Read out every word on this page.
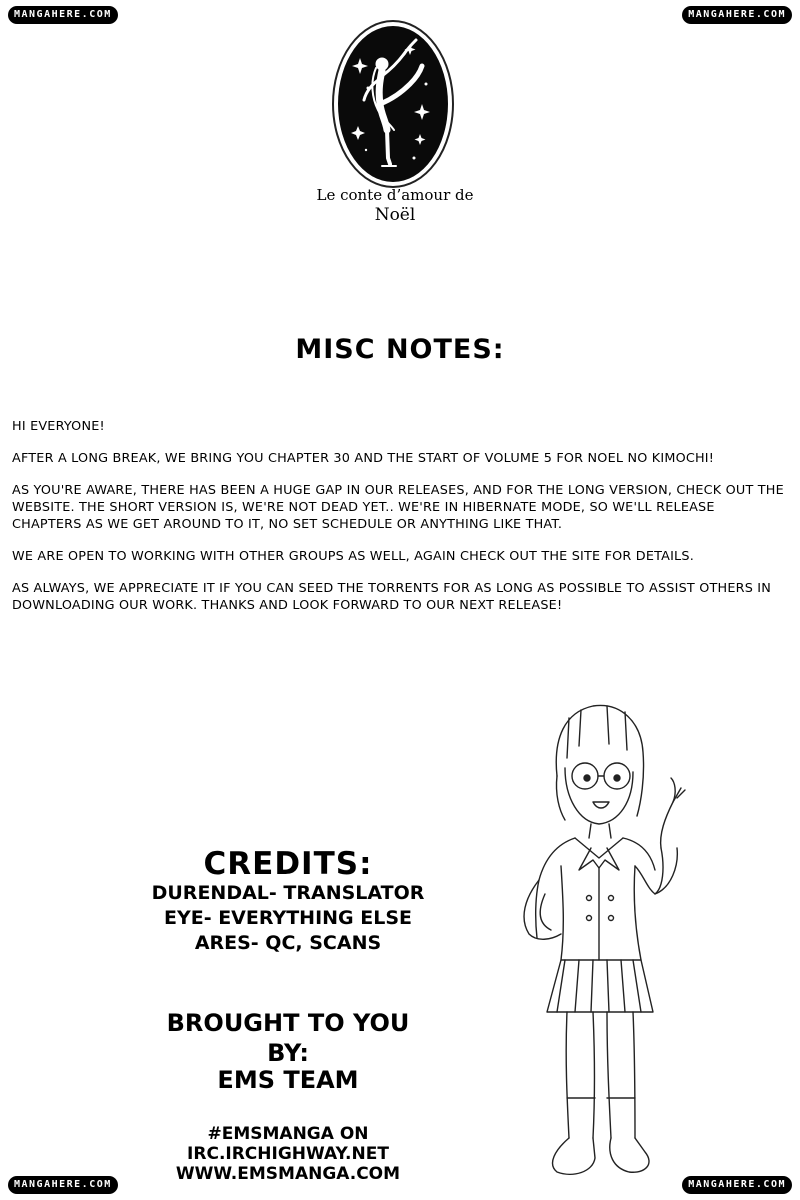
MANGAHERE.COM	MANGAHERE.COM
MANGAHERE.COM	MANGAHERE.COM
Le conte d’amour de
Noël
MISC NOTES:

HI EVERYONE!

AFTER A LONG BREAK, WE BRING YOU CHAPTER 30 AND THE START OF VOLUME 5 FOR NOEL NO KIMOCHI!

AS YOU'RE AWARE, THERE HAS BEEN A HUGE GAP IN OUR RELEASES, AND FOR THE LONG VERSION, CHECK OUT THE WEBSITE. THE SHORT VERSION IS, WE'RE NOT DEAD YET.. WE'RE IN HIBERNATE MODE, SO WE'LL RELEASE CHAPTERS AS WE GET AROUND TO IT, NO SET SCHEDULE OR ANYTHING LIKE THAT.

WE ARE OPEN TO WORKING WITH OTHER GROUPS AS WELL, AGAIN CHECK OUT THE SITE FOR DETAILS.

AS ALWAYS, WE APPRECIATE IT IF YOU CAN SEED THE TORRENTS FOR AS LONG AS POSSIBLE TO ASSIST OTHERS IN DOWNLOADING OUR WORK. THANKS AND LOOK FORWARD TO OUR NEXT RELEASE!

CREDITS:
DURENDAL- TRANSLATOR
EYE- EVERYTHING ELSE
ARES- QC, SCANS
BROUGHT TO YOU
BY:
EMS TEAM
#EMSMANGA ON
IRC.IRCHIGHWAY.NET
WWW.EMSMANGA.COM
